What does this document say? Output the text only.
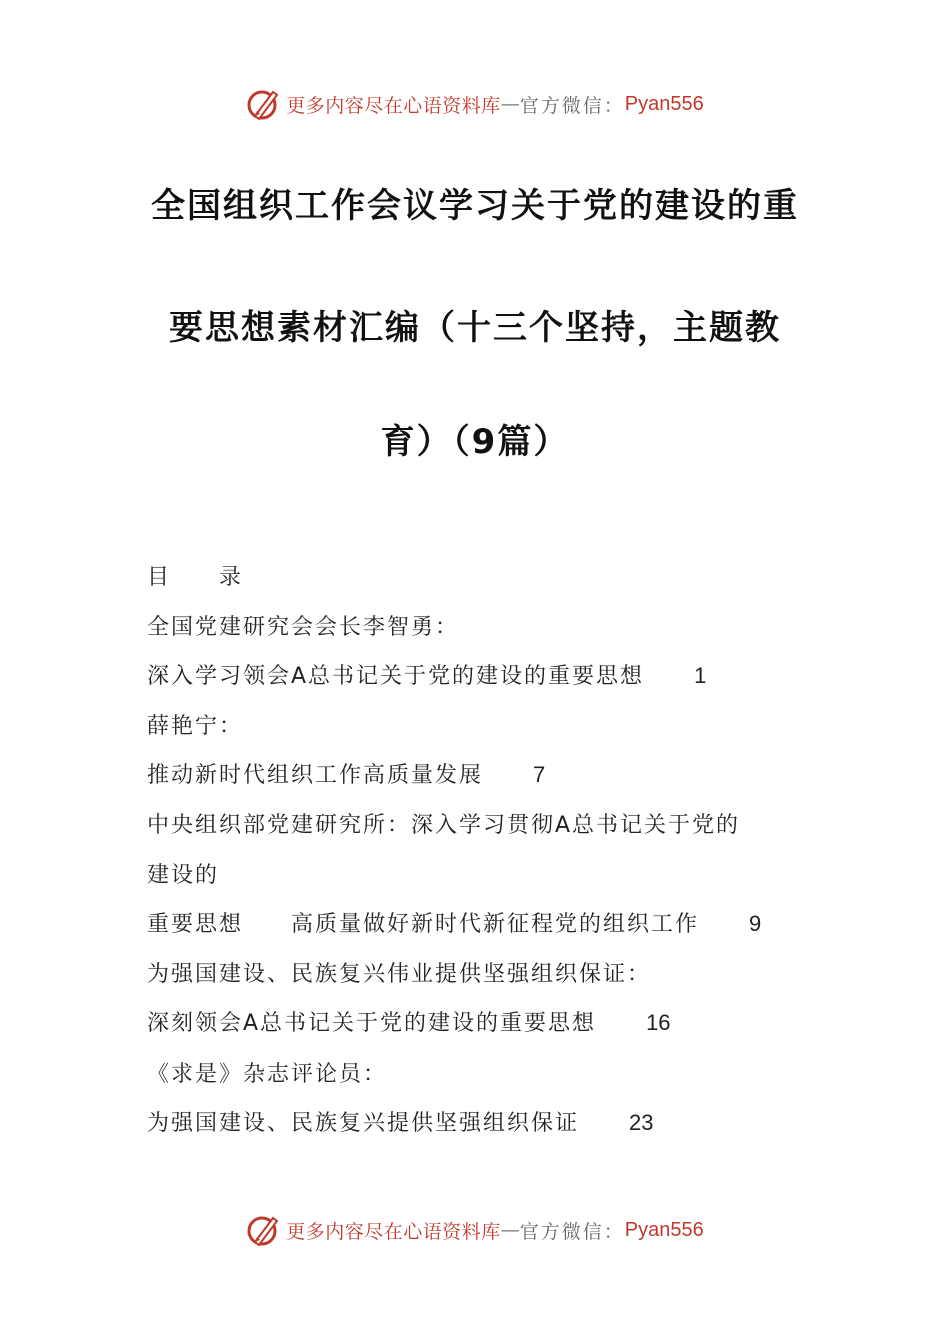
更多内容尽在心语资料库 — 官方微信： Pyan556
全国组织工作会议学习关于党的建设的重
要思想素材汇编（十三个坚持，主题教
育）（9篇）
目　　录
全国党建研究会会长李智勇：
深入学习领会A总书记关于党的建设的重要思想 1
薛艳宁：
推动新时代组织工作高质量发展 7
中央组织部党建研究所：深入学习贯彻A总书记关于党的
建设的
重要思想　　高质量做好新时代新征程党的组织工作 9
为强国建设、民族复兴伟业提供坚强组织保证：
深刻领会A总书记关于党的建设的重要思想 16
《求是》杂志评论员：
为强国建设、民族复兴提供坚强组织保证 23
更多内容尽在心语资料库 — 官方微信： Pyan556
